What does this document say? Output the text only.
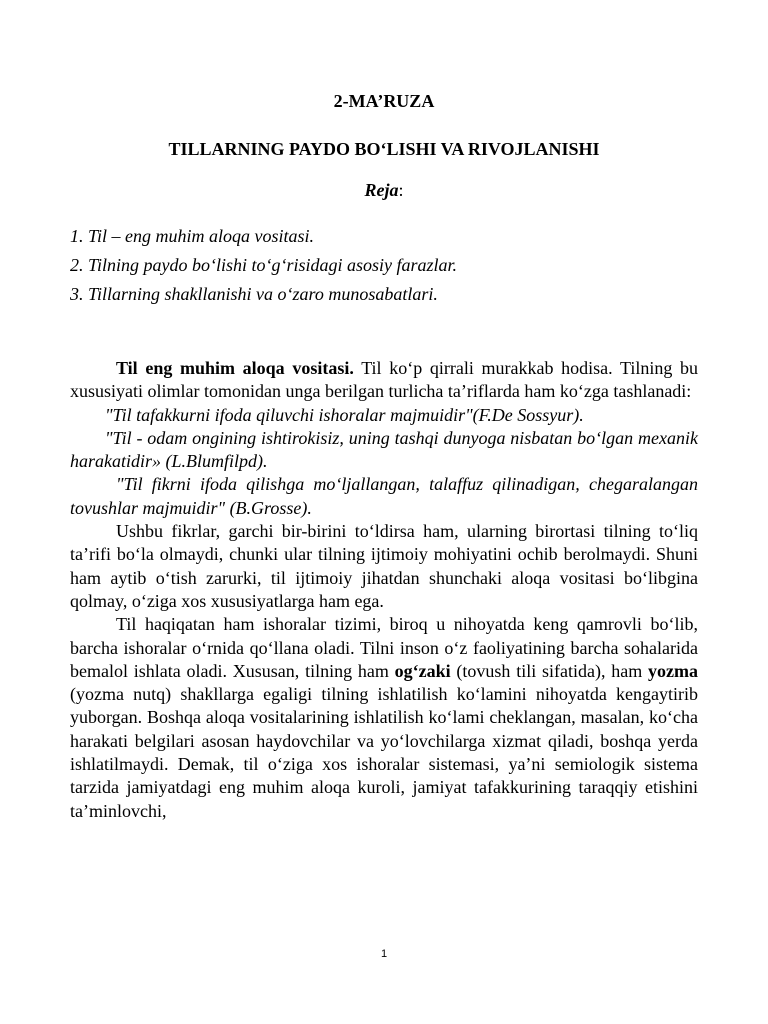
2-MA’RUZA
TILLARNING PAYDO BO‘LISHI VA RIVOJLANISHI
Reja:
1. Til – eng muhim aloqa vositasi.
2. Tilning paydo bo‘lishi to‘g‘risidagi asosiy farazlar.
3. Tillarning shakllanishi va o‘zaro munosabatlari.

Til eng muhim aloqa vositasi. Til ko‘p qirrali murakkab hodisa. Tilning bu xususiyati olimlar tomonidan unga berilgan turlicha ta’riflarda ham ko‘zga tashlanadi:

"Til tafakkurni ifoda qiluvchi ishoralar majmuidir"(F.De Sossyur).

"Til - odam ongining ishtirokisiz, uning tashqi dunyoga nisbatan bo‘lgan mexanik harakatidir» (L.Blumfilpd).

"Til fikrni ifoda qilishga mo‘ljallangan, talaffuz qilinadigan, chegaralangan tovushlar majmuidir" (B.Grosse).

Ushbu fikrlar, garchi bir-birini to‘ldirsa ham, ularning birortasi tilning to‘liq ta’rifi bo‘la olmaydi, chunki ular tilning ijtimoiy mohiyatini ochib berolmaydi. Shuni ham aytib o‘tish zarurki, til ijtimoiy jihatdan shunchaki aloqa vositasi bo‘libgina qolmay, o‘ziga xos xususiyatlarga ham ega.

Til haqiqatan ham ishoralar tizimi, biroq u nihoyatda keng qamrovli bo‘lib, barcha ishoralar o‘rnida qo‘llana oladi. Tilni inson o‘z faoliyatining barcha sohalarida bemalol ishlata oladi. Xususan, tilning ham og‘zaki (tovush tili sifatida), ham yozma (yozma nutq) shakllarga egaligi tilning ishlatilish ko‘lamini nihoyatda kengaytirib yuborgan. Boshqa aloqa vositalarining ishlatilish ko‘lami cheklangan, masalan, ko‘cha harakati belgilari asosan haydovchilar va yo‘lovchilarga xizmat qiladi, boshqa yerda ishlatilmaydi. Demak, til o‘ziga xos ishoralar sistemasi, ya’ni semiologik sistema tarzida jamiyatdagi eng muhim aloqa kuroli, jamiyat tafakkurining taraqqiy etishini ta’minlovchi,

1
